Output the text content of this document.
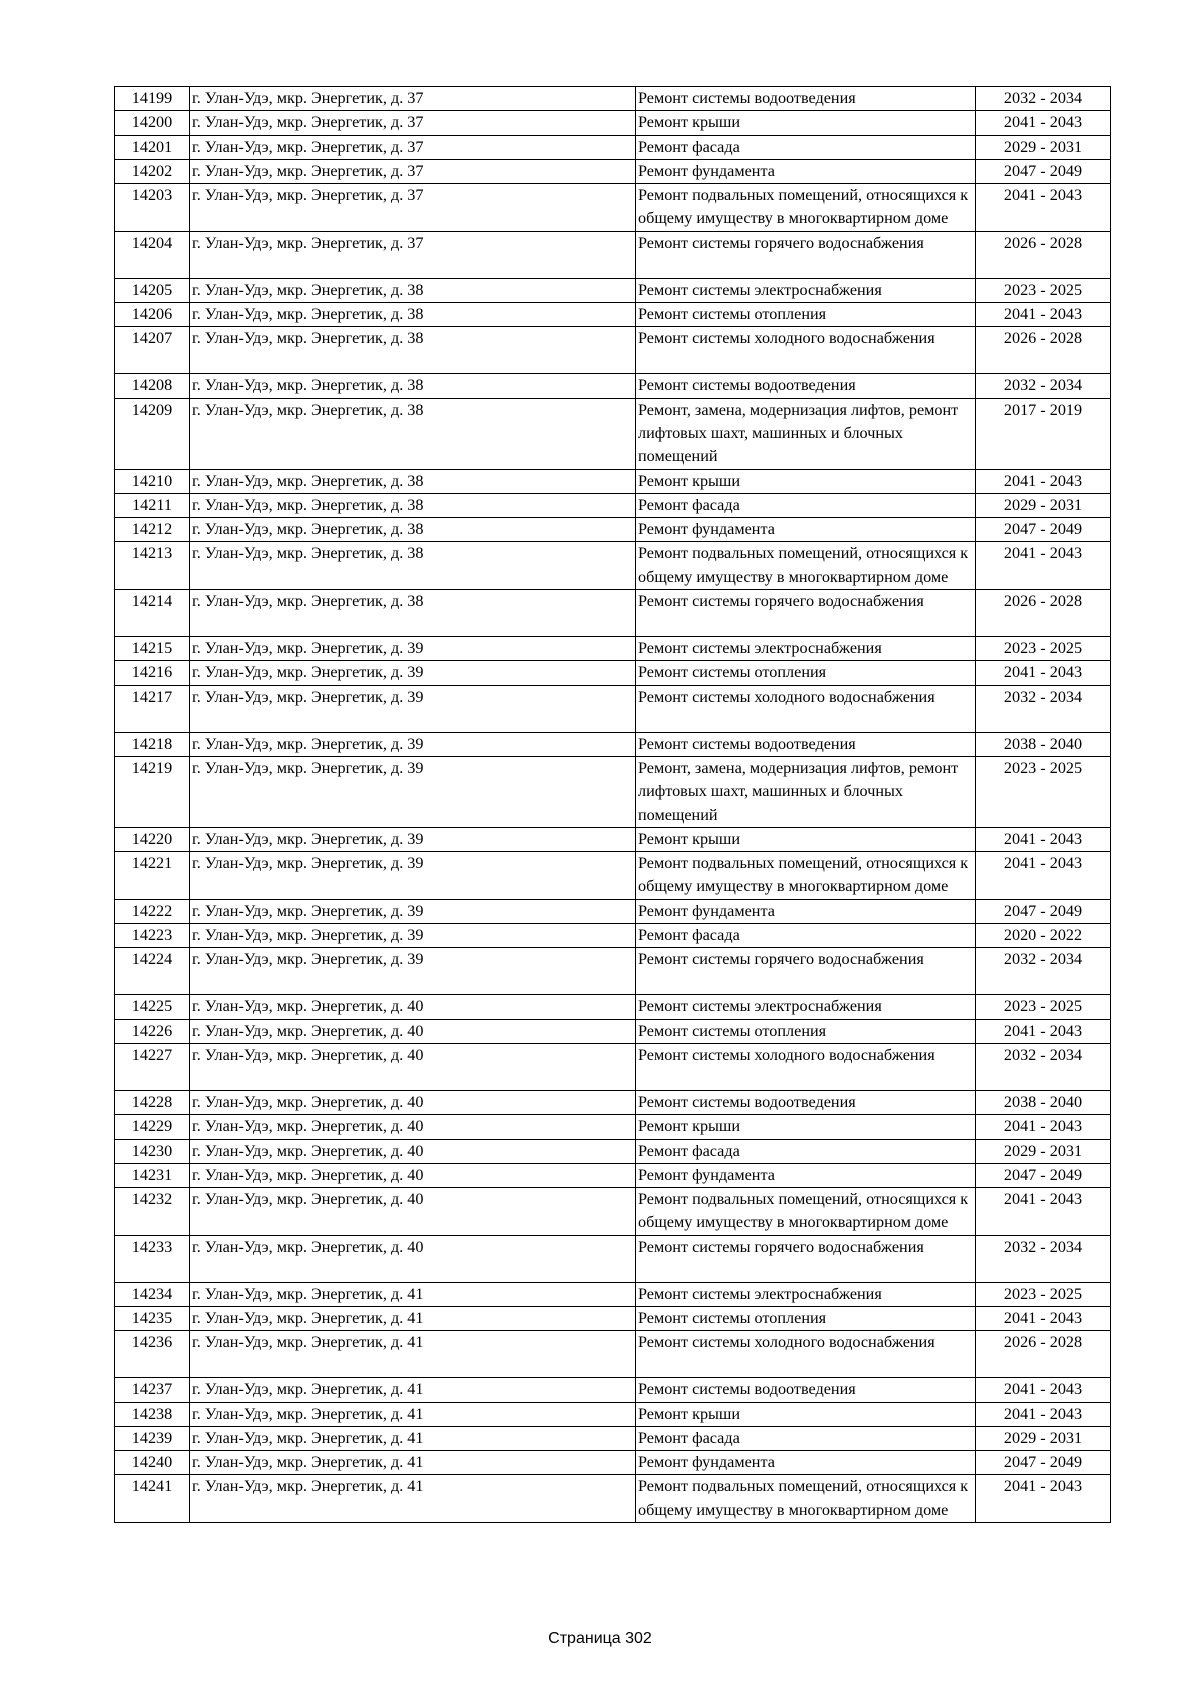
14199	г. Улан-Удэ, мкр. Энергетик, д. 37	Ремонт системы водоотведения	2032 - 2034
14200	г. Улан-Удэ, мкр. Энергетик, д. 37	Ремонт крыши	2041 - 2043
14201	г. Улан-Удэ, мкр. Энергетик, д. 37	Ремонт фасада	2029 - 2031
14202	г. Улан-Удэ, мкр. Энергетик, д. 37	Ремонт фундамента	2047 - 2049
14203	г. Улан-Удэ, мкр. Энергетик, д. 37	Ремонт подвальных помещений, относящихся к общему имуществу в многоквартирном доме	2041 - 2043
14204	г. Улан-Удэ, мкр. Энергетик, д. 37	Ремонт системы горячего водоснабжения	2026 - 2028
14205	г. Улан-Удэ, мкр. Энергетик, д. 38	Ремонт системы электроснабжения	2023 - 2025
14206	г. Улан-Удэ, мкр. Энергетик, д. 38	Ремонт системы отопления	2041 - 2043
14207	г. Улан-Удэ, мкр. Энергетик, д. 38	Ремонт системы холодного водоснабжения	2026 - 2028
14208	г. Улан-Удэ, мкр. Энергетик, д. 38	Ремонт системы водоотведения	2032 - 2034
14209	г. Улан-Удэ, мкр. Энергетик, д. 38	Ремонт, замена, модернизация лифтов, ремонт лифтовых шахт, машинных и блочных помещений	2017 - 2019
14210	г. Улан-Удэ, мкр. Энергетик, д. 38	Ремонт крыши	2041 - 2043
14211	г. Улан-Удэ, мкр. Энергетик, д. 38	Ремонт фасада	2029 - 2031
14212	г. Улан-Удэ, мкр. Энергетик, д. 38	Ремонт фундамента	2047 - 2049
14213	г. Улан-Удэ, мкр. Энергетик, д. 38	Ремонт подвальных помещений, относящихся к общему имуществу в многоквартирном доме	2041 - 2043
14214	г. Улан-Удэ, мкр. Энергетик, д. 38	Ремонт системы горячего водоснабжения	2026 - 2028
14215	г. Улан-Удэ, мкр. Энергетик, д. 39	Ремонт системы электроснабжения	2023 - 2025
14216	г. Улан-Удэ, мкр. Энергетик, д. 39	Ремонт системы отопления	2041 - 2043
14217	г. Улан-Удэ, мкр. Энергетик, д. 39	Ремонт системы холодного водоснабжения	2032 - 2034
14218	г. Улан-Удэ, мкр. Энергетик, д. 39	Ремонт системы водоотведения	2038 - 2040
14219	г. Улан-Удэ, мкр. Энергетик, д. 39	Ремонт, замена, модернизация лифтов, ремонт лифтовых шахт, машинных и блочных помещений	2023 - 2025
14220	г. Улан-Удэ, мкр. Энергетик, д. 39	Ремонт крыши	2041 - 2043
14221	г. Улан-Удэ, мкр. Энергетик, д. 39	Ремонт подвальных помещений, относящихся к общему имуществу в многоквартирном доме	2041 - 2043
14222	г. Улан-Удэ, мкр. Энергетик, д. 39	Ремонт фундамента	2047 - 2049
14223	г. Улан-Удэ, мкр. Энергетик, д. 39	Ремонт фасада	2020 - 2022
14224	г. Улан-Удэ, мкр. Энергетик, д. 39	Ремонт системы горячего водоснабжения	2032 - 2034
14225	г. Улан-Удэ, мкр. Энергетик, д. 40	Ремонт системы электроснабжения	2023 - 2025
14226	г. Улан-Удэ, мкр. Энергетик, д. 40	Ремонт системы отопления	2041 - 2043
14227	г. Улан-Удэ, мкр. Энергетик, д. 40	Ремонт системы холодного водоснабжения	2032 - 2034
14228	г. Улан-Удэ, мкр. Энергетик, д. 40	Ремонт системы водоотведения	2038 - 2040
14229	г. Улан-Удэ, мкр. Энергетик, д. 40	Ремонт крыши	2041 - 2043
14230	г. Улан-Удэ, мкр. Энергетик, д. 40	Ремонт фасада	2029 - 2031
14231	г. Улан-Удэ, мкр. Энергетик, д. 40	Ремонт фундамента	2047 - 2049
14232	г. Улан-Удэ, мкр. Энергетик, д. 40	Ремонт подвальных помещений, относящихся к общему имуществу в многоквартирном доме	2041 - 2043
14233	г. Улан-Удэ, мкр. Энергетик, д. 40	Ремонт системы горячего водоснабжения	2032 - 2034
14234	г. Улан-Удэ, мкр. Энергетик, д. 41	Ремонт системы электроснабжения	2023 - 2025
14235	г. Улан-Удэ, мкр. Энергетик, д. 41	Ремонт системы отопления	2041 - 2043
14236	г. Улан-Удэ, мкр. Энергетик, д. 41	Ремонт системы холодного водоснабжения	2026 - 2028
14237	г. Улан-Удэ, мкр. Энергетик, д. 41	Ремонт системы водоотведения	2041 - 2043
14238	г. Улан-Удэ, мкр. Энергетик, д. 41	Ремонт крыши	2041 - 2043
14239	г. Улан-Удэ, мкр. Энергетик, д. 41	Ремонт фасада	2029 - 2031
14240	г. Улан-Удэ, мкр. Энергетик, д. 41	Ремонт фундамента	2047 - 2049
14241	г. Улан-Удэ, мкр. Энергетик, д. 41	Ремонт подвальных помещений, относящихся к общему имуществу в многоквартирном доме	2041 - 2043
Страница 302
